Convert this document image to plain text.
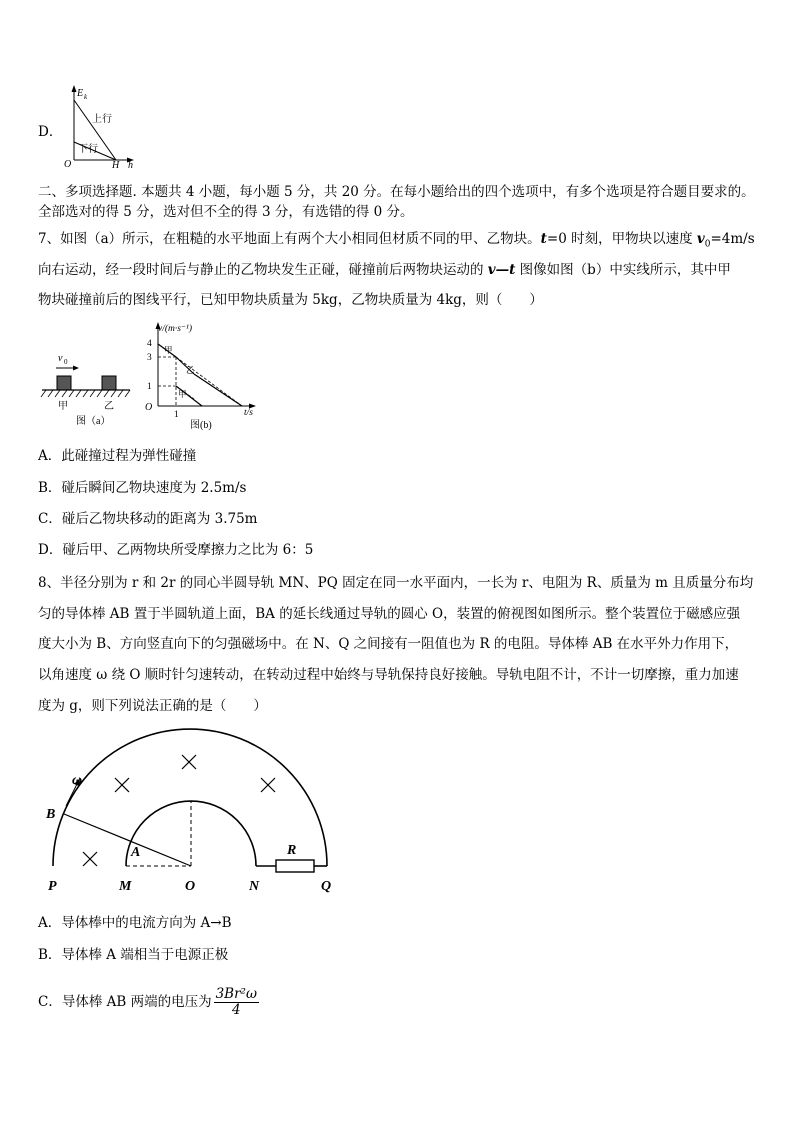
D．
E k
上行
下行
O	H h
二、多项选择题. 本题共 4 小题，每小题 5 分，共 20 分。在每小题给出的四个选项中，有多个选项是符合题目要求的。
全部选对的得 5 分，选对但不全的得 3 分，有选错的得 0 分。
7、如图（a）所示，在粗糙的水平地面上有两个大小相同但材质不同的甲、乙物块。t=0 时刻，甲物块以速度 $v_0=4m/s$
向右运动，经一段时间后与静止的乙物块发生正碰，碰撞前后两物块运动的 v—t 图像如图（b）中实线所示，其中甲
物块碰撞前后的图线平行，已知甲物块质量为 5kg，乙物块质量为 4kg，则（　　）
v 0
甲	乙
图（a）
v/(m·s⁻¹)
t/s
4
3
1
1
O
甲
乙
甲
图(b)
A．此碰撞过程为弹性碰撞
B．碰后瞬间乙物块速度为 2.5m/s
C．碰后乙物块移动的距离为 3.75m
D．碰后甲、乙两物块所受摩擦力之比为 6：5
8、半径分别为 r 和 2r 的同心半圆导轨 MN、PQ 固定在同一水平面内，一长为 r、电阻为 R、质量为 m 且质量分布均
匀的导体棒 AB 置于半圆轨道上面，BA 的延长线通过导轨的圆心 O，装置的俯视图如图所示。整个装置位于磁感应强
度大小为 B、方向竖直向下的匀强磁场中。在 N、Q 之间接有一阻值也为 R 的电阻。导体棒 AB 在水平外力作用下，
以角速度 ω 绕 O 顺时针匀速转动，在转动过程中始终与导轨保持良好接触。导轨电阻不计，不计一切摩擦，重力加速
度为 g，则下列说法正确的是（　　）
ω
B
A
P	M	O	N
R
Q
A．导体棒中的电流方向为 A→B
B．导体棒 A 端相当于电源正极
C．导体棒 AB 两端的电压为 $\frac{\text{3Br²ω}}{4}$
